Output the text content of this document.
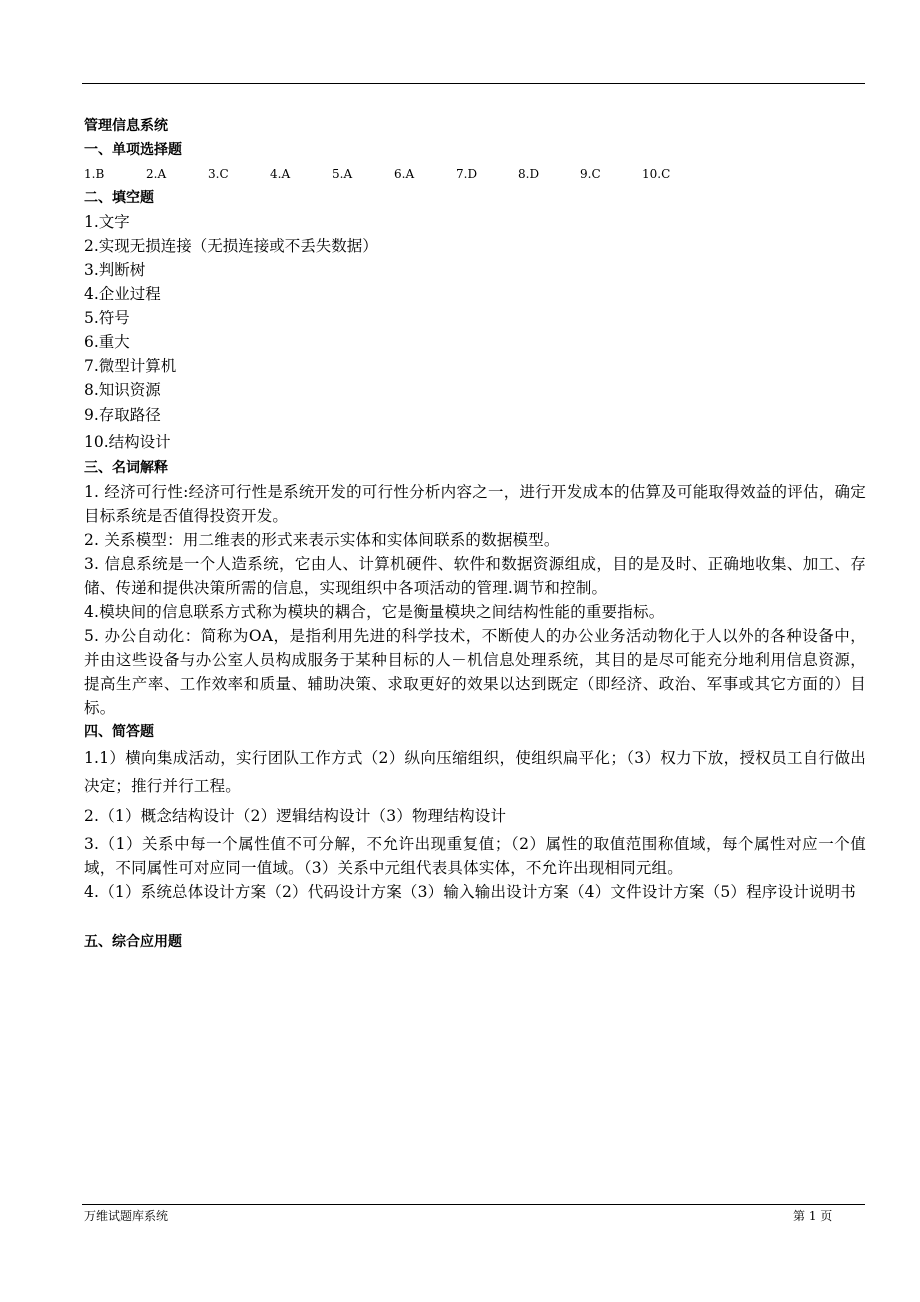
管理信息系统
一、单项选择题
1.B	2.A	3.C	4.A	5.A	6.A	7.D	8.D	9.C	10.C
二、填空题
1.文字
2.实现无损连接（无损连接或不丢失数据）
3.判断树
4.企业过程
5.符号
6.重大
7.微型计算机
8.知识资源
9.存取路径
10.结构设计
三、名词解释

1. 经济可行性:经济可行性是系统开发的可行性分析内容之一，进行开发成本的估算及可能取得效益的评估，确定目标系统是否值得投资开发。

2. 关系模型：用二维表的形式来表示实体和实体间联系的数据模型。

3. 信息系统是一个人造系统，它由人、计算机硬件、软件和数据资源组成，目的是及时、正确地收集、加工、存储、传递和提供决策所需的信息，实现组织中各项活动的管理.调节和控制。

4.模块间的信息联系方式称为模块的耦合，它是衡量模块之间结构性能的重要指标。

5. 办公自动化：简称为OA，是指利用先进的科学技术，不断使人的办公业务活动物化于人以外的各种设备中，并由这些设备与办公室人员构成服务于某种目标的人－机信息处理系统，其目的是尽可能充分地利用信息资源，提高生产率、工作效率和质量、辅助决策、求取更好的效果以达到既定（即经济、政治、军事或其它方面的）目标。

四、简答题

1.1）横向集成活动，实行团队工作方式（2）纵向压缩组织，使组织扁平化；（3）权力下放，授权员工自行做出决定；推行并行工程。

2.（1）概念结构设计（2）逻辑结构设计（3）物理结构设计

3.（1）关系中每一个属性值不可分解，不允许出现重复值；（2）属性的取值范围称值域，每个属性对应一个值域，不同属性可对应同一值域。（3）关系中元组代表具体实体，不允许出现相同元组。

4.（1）系统总体设计方案（2）代码设计方案（3）输入输出设计方案（4）文件设计方案（5）程序设计说明书

五、综合应用题
万维试题库系统	第 1 页
